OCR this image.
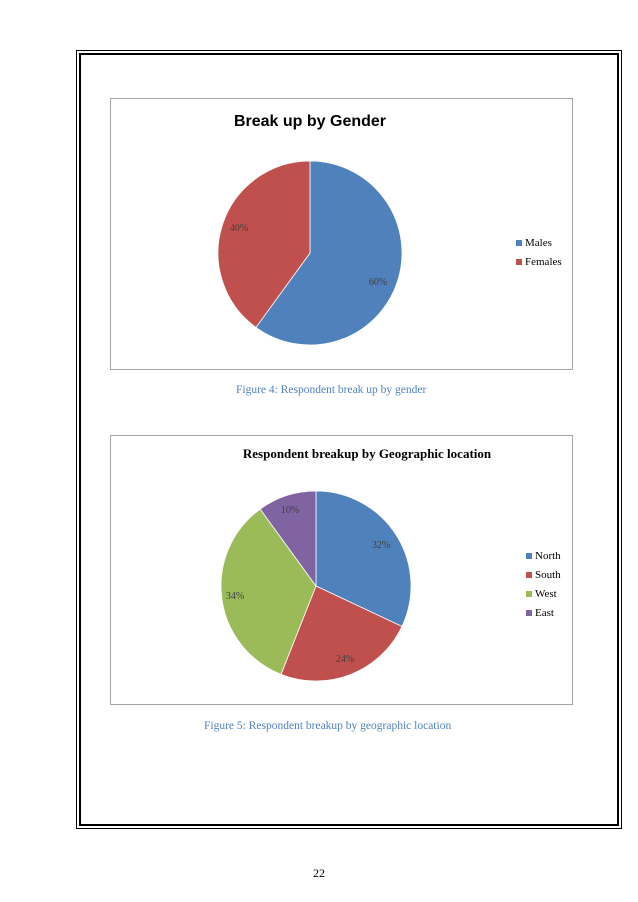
Break up by Gender
60%
40%
Males
Females
Figure 4: Respondent break up by gender
Respondent breakup by Geographic location
32%
24%
34%
10%
North
South
West
East
Figure 5: Respondent breakup by geographic location
22
